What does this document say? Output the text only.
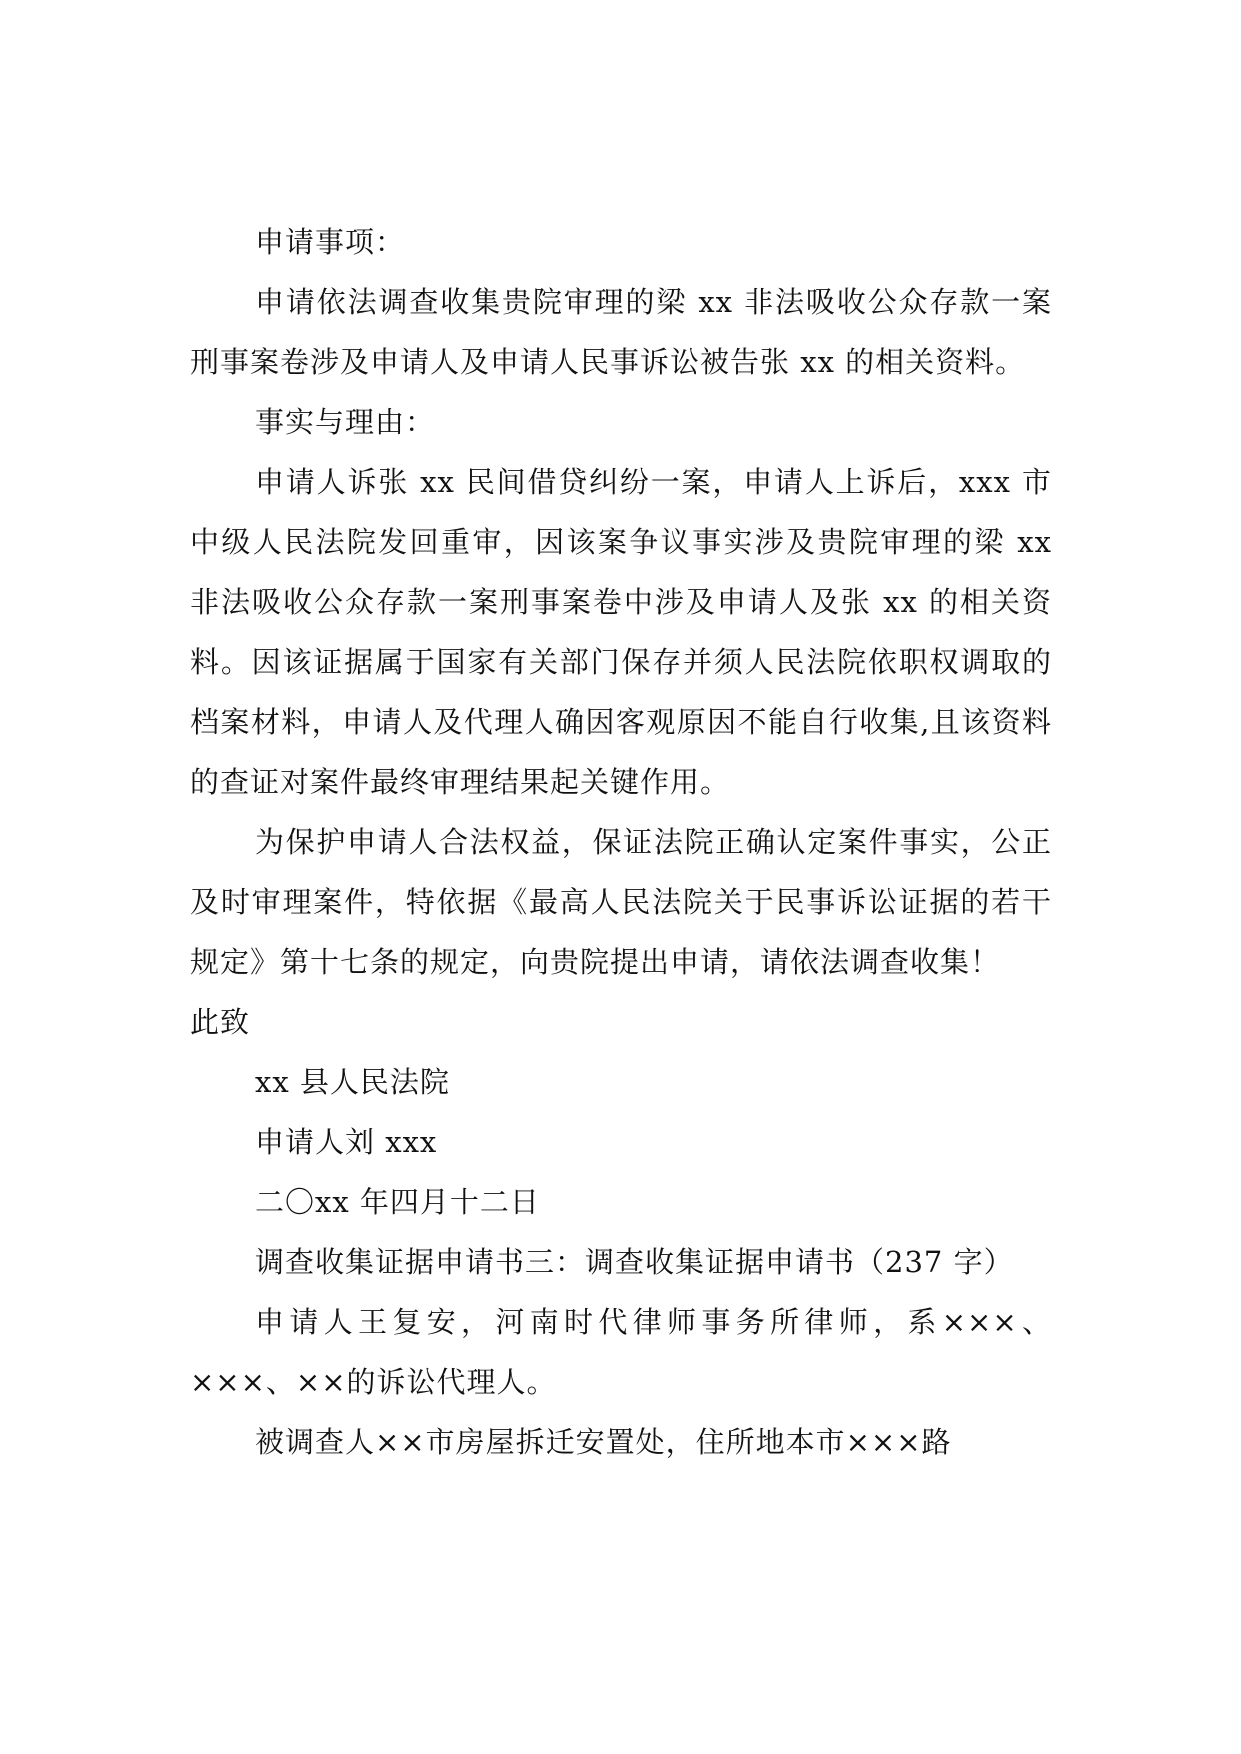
申请事项：

申请依法调查收集贵院审理的梁 xx 非法吸收公众存款一案刑事案卷涉及申请人及申请人民事诉讼被告张 xx 的相关资料。

事实与理由：

申请人诉张 xx 民间借贷纠纷一案，申请人上诉后，xxx 市中级人民法院发回重审，因该案争议事实涉及贵院审理的梁 xx 非法吸收公众存款一案刑事案卷中涉及申请人及张 xx 的相关资料。因该证据属于国家有关部门保存并须人民法院依职权调取的档案材料，申请人及代理人确因客观原因不能自行收集,且该资料的查证对案件最终审理结果起关键作用。

为保护申请人合法权益，保证法院正确认定案件事实，公正及时审理案件，特依据《最高人民法院关于民事诉讼证据的若干规定》第十七条的规定，向贵院提出申请，请依法调查收集！

此致

xx 县人民法院

申请人刘 xxx

二〇xx 年四月十二日

调查收集证据申请书三：调查收集证据申请书（237 字）

申请人王复安，河南时代律师事务所律师，系×××、×××、××的诉讼代理人。

被调查人××市房屋拆迁安置处，住所地本市×××路
